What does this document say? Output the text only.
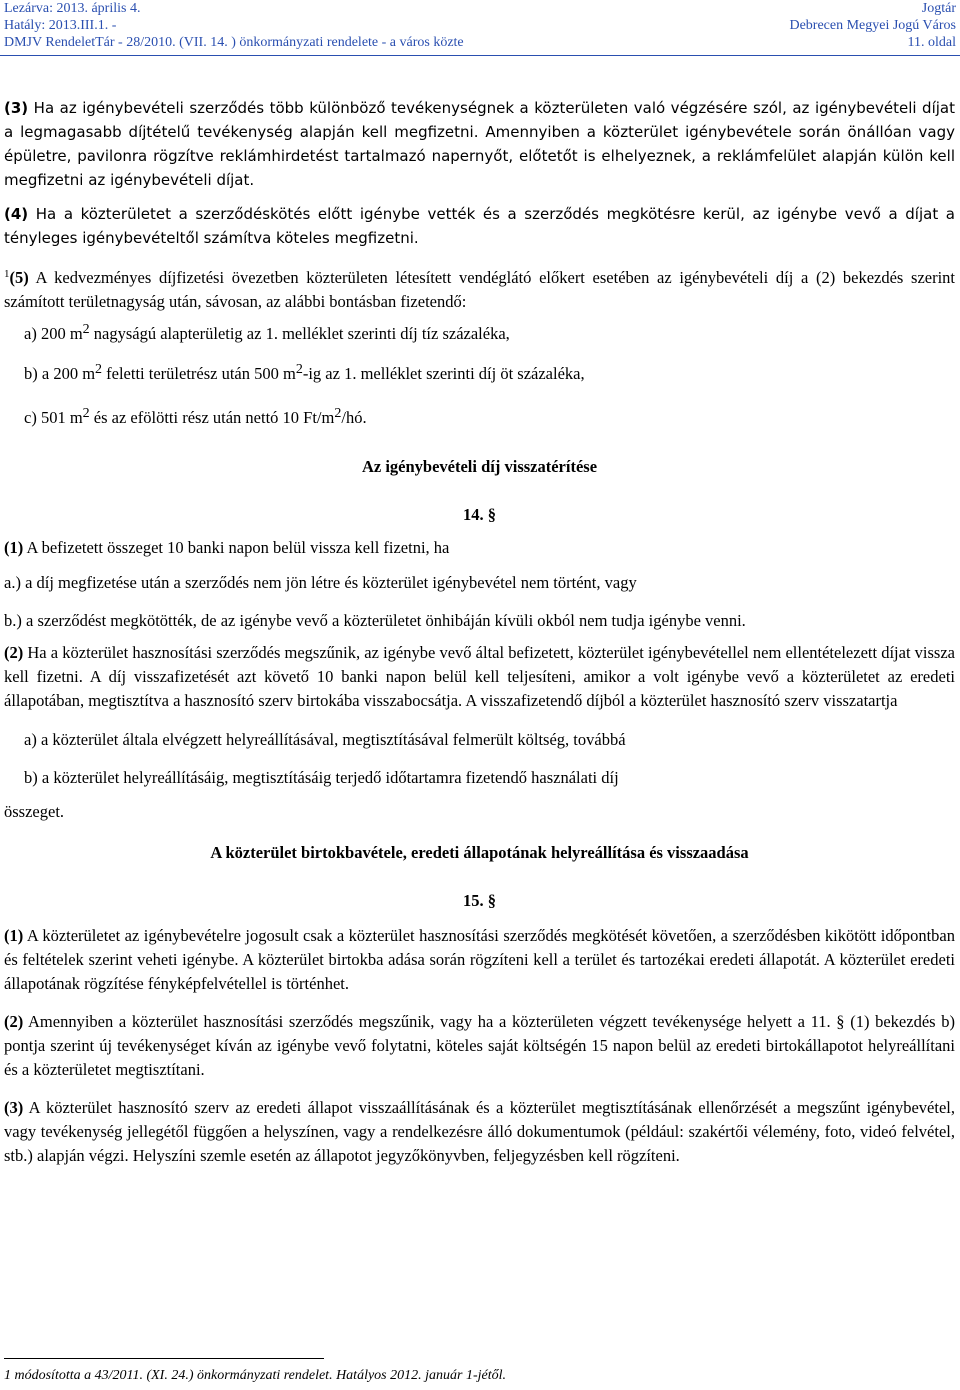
Lezárva: 2013. április 4.
Hatály: 2013.III.1. -
DMJV RendeletTár - 28/2010. (VII. 14. ) önkormányzati rendelete - a város közte
Jogtár
Debrecen Megyei Jogú Város
11. oldal

(3) Ha az igénybevételi szerződés több különböző tevékenységnek a közterületen való végzésére szól, az igénybevételi díjat a legmagasabb díjtételű tevékenység alapján kell megfizetni. Amennyiben a közterület igénybevétele során önállóan vagy épületre, pavilonra rögzítve reklámhirdetést tartalmazó napernyőt, előtetőt is elhelyeznek, a reklámfelület alapján külön kell megfizetni az igénybevételi díjat.

(4) Ha a közterületet a szerződéskötés előtt igénybe vették és a szerződés megkötésre kerül, az igénybe vevő a díjat a tényleges igénybevételtől számítva köteles megfizetni.

$^1$(5) A kedvezményes díjfizetési övezetben közterületen létesített vendéglátó előkert esetében az igénybevételi díj a (2) bekezdés szerint számított területnagyság után, sávosan, az alábbi bontásban fizetendő:

a) 200 $m^2$ nagyságú alapterületig az 1. melléklet szerinti díj tíz százaléka,

b) a 200 $m^2$ feletti területrész után 500 $m^2-ig$ az 1. melléklet szerinti díj öt százaléka,

c) 501 $m^2$ és az efölötti rész után nettó 10 $Ft/m^2/hó$.

Az igénybevételi díj visszatérítése

14. §

(1) A befizetett összeget 10 banki napon belül vissza kell fizetni, ha

a.) a díj megfizetése után a szerződés nem jön létre és közterület igénybevétel nem történt, vagy

b.) a szerződést megkötötték, de az igénybe vevő a közterületet önhibáján kívüli okból nem tudja igénybe venni.

(2) Ha a közterület hasznosítási szerződés megszűnik, az igénybe vevő által befizetett, közterület igénybevétellel nem ellentételezett díjat vissza kell fizetni. A díj visszafizetését azt követő 10 banki napon belül kell teljesíteni, amikor a volt igénybe vevő a közterületet az eredeti állapotában, megtisztítva a hasznosító szerv birtokába visszabocsátja. A visszafizetendő díjból a közterület hasznosító szerv visszatartja

a) a közterület általa elvégzett helyreállításával, megtisztításával felmerült költség, továbbá

b) a közterület helyreállításáig, megtisztításáig terjedő időtartamra fizetendő használati díj

összeget.

A közterület birtokbavétele, eredeti állapotának helyreállítása és visszaadása

15. §

(1) A közterületet az igénybevételre jogosult csak a közterület hasznosítási szerződés megkötését követően, a szerződésben kikötött időpontban és feltételek szerint veheti igénybe. A közterület birtokba adása során rögzíteni kell a terület és tartozékai eredeti állapotát. A közterület eredeti állapotának rögzítése fényképfelvétellel is történhet.

(2) Amennyiben a közterület hasznosítási szerződés megszűnik, vagy ha a közterületen végzett tevékenysége helyett a 11. § (1) bekezdés b) pontja szerint új tevékenységet kíván az igénybe vevő folytatni, köteles saját költségén 15 napon belül az eredeti birtokállapotot helyreállítani és a közterületet megtisztítani.

(3) A közterület hasznosító szerv az eredeti állapot visszaállításának és a közterület megtisztításának ellenőrzését a megszűnt igénybevétel, vagy tevékenység jellegétől függően a helyszínen, vagy a rendelkezésre álló dokumentumok (például: szakértői vélemény, foto, videó felvétel, stb.) alapján végzi. Helyszíni szemle esetén az állapotot jegyzőkönyvben, feljegyzésben kell rögzíteni.

1 módosította a 43/2011. (XI. 24.) önkormányzati rendelet. Hatályos 2012. január 1-jétől.
